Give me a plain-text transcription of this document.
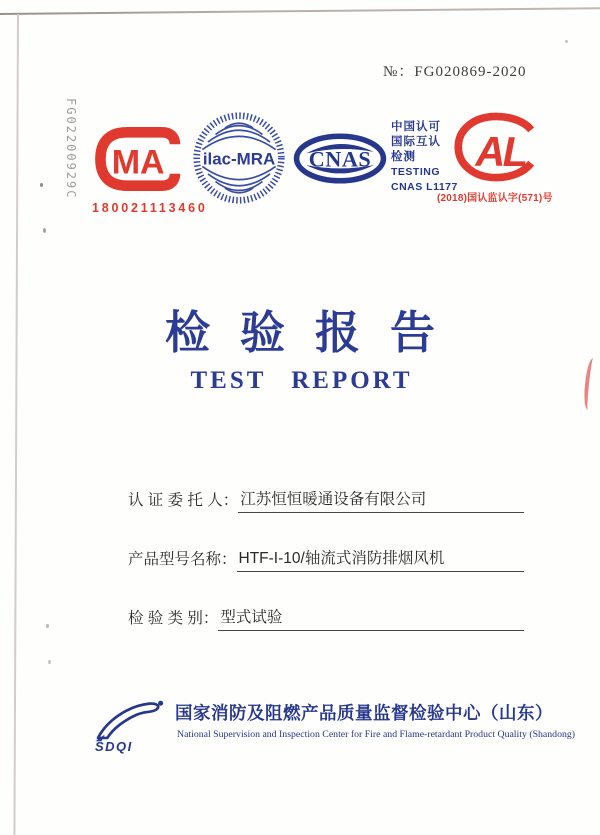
№：FG020869-2020
FG02200929C MA
180021113460
ilac-MRA CNAS
中国认可
国际互认
检测
TESTING
CNAS L1177
AL
(2018)国认监认字(571)号
检验报告
TEST REPORT
认 证 委 托 人： 江苏恒恒暖通设备有限公司
产品型号名称： HTF-I-10/轴流式消防排烟风机
检 验 类 别： 型式试验
SDQI
国家消防及阻燃产品质量监督检验中心（山东）
National Supervision and Inspection Center for Fire and Flame-retardant Product Quality (Shandong)
